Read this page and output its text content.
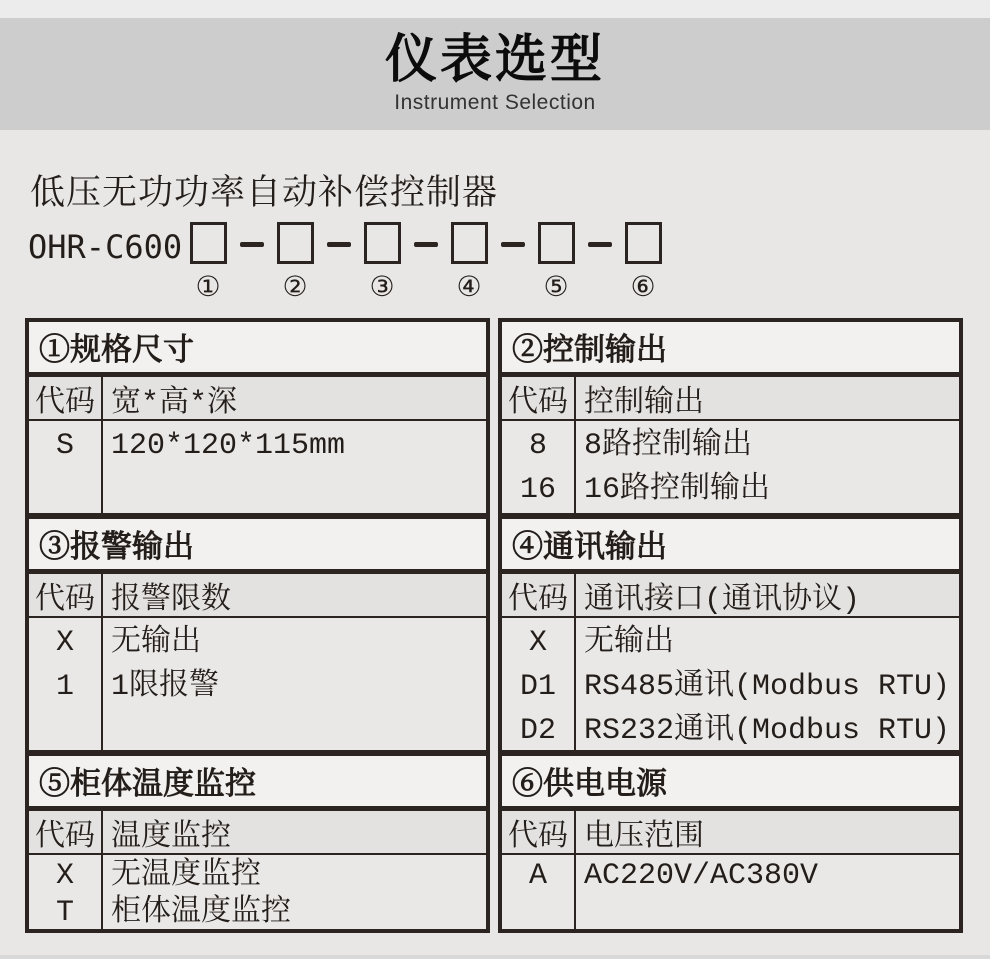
仪表选型
Instrument Selection
低压无功功率自动补偿控制器
OHR-C600
① ② ③ ④ ⑤ ⑥
①规格尺寸
代码 宽*高*深
S	120*120*115mm
③报警输出
代码 报警限数
X
1
无输出
1限报警
⑤柜体温度监控
代码 温度监控
X
T
无温度监控
柜体温度监控
②控制输出
代码 控制输出
8
16
8路控制输出
16路控制输出
④通讯输出
代码 通讯接口(通讯协议)
X
D1
D2
无输出
RS485通讯(Modbus RTU)
RS232通讯(Modbus RTU)
⑥供电电源
代码 电压范围
A	AC220V/AC380V
